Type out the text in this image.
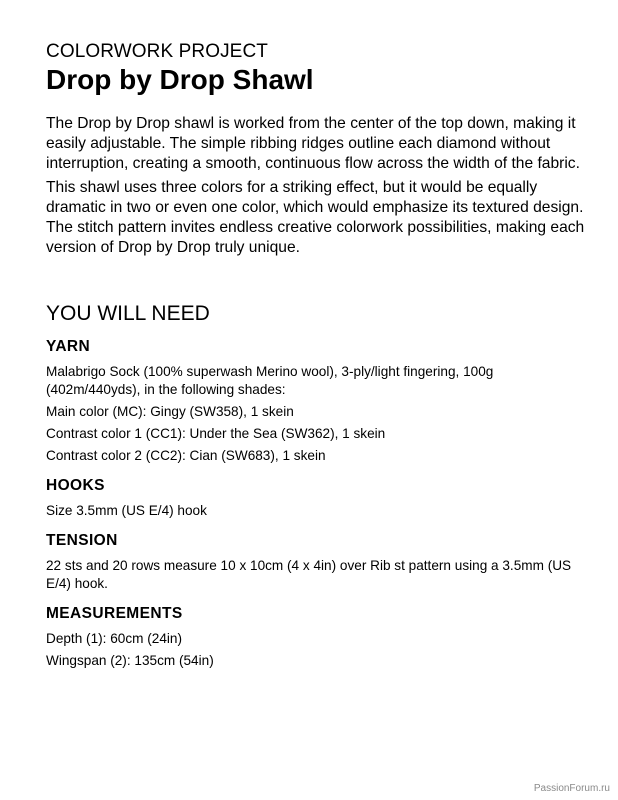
COLORWORK PROJECT
Drop by Drop Shawl

The Drop by Drop shawl is worked from the center of the top down, making it easily adjustable. The simple ribbing ridges outline each diamond without interruption, creating a smooth, continuous flow across the width of the fabric.

This shawl uses three colors for a striking effect, but it would be equally dramatic in two or even one color, which would emphasize its textured design. The stitch pattern invites endless creative colorwork possibilities, making each version of Drop by Drop truly unique.

YOU WILL NEED
YARN

Malabrigo Sock (100% superwash Merino wool), 3-ply/light fingering, 100g (402m/440yds), in the following shades:

Main color (MC): Gingy (SW358), 1 skein

Contrast color 1 (CC1): Under the Sea (SW362), 1 skein

Contrast color 2 (CC2): Cian (SW683), 1 skein

HOOKS

Size 3.5mm (US E/4) hook

TENSION

22 sts and 20 rows measure 10 x 10cm (4 x 4in) over Rib st pattern using a 3.5mm (US E/4) hook.

MEASUREMENTS

Depth (1): 60cm (24in)

Wingspan (2): 135cm (54in)

PassionForum.ru
